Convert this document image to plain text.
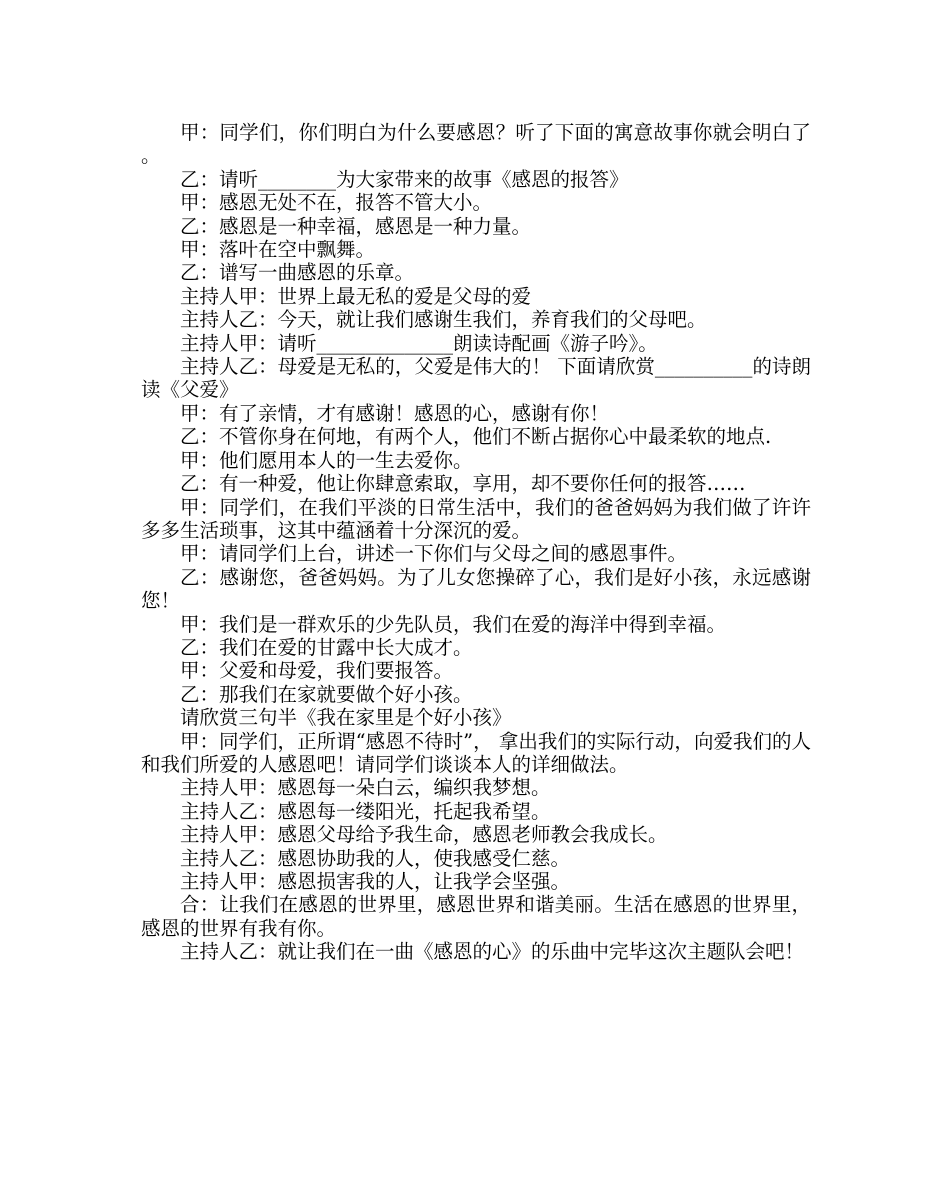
甲：同学们，你们明白为什么要感恩？听了下面的寓意故事你就会明白了。

乙：请听________为大家带来的故事《感恩的报答》

甲：感恩无处不在，报答不管大小。

乙：感恩是一种幸福，感恩是一种力量。

甲：落叶在空中飘舞。

乙：谱写一曲感恩的乐章。

主持人甲：世界上最无私的爱是父母的爱

主持人乙：今天，就让我们感谢生我们，养育我们的父母吧。

主持人甲：请听______________朗读诗配画《游子吟》。

主持人乙：母爱是无私的，父爱是伟大的！ 下面请欣赏__________的诗朗读《父爱》

甲：有了亲情，才有感谢！感恩的心，感谢有你！

乙：不管你身在何地，有两个人，他们不断占据你心中最柔软的地点.

甲：他们愿用本人的一生去爱你。

乙：有一种爱，他让你肆意索取，享用，却不要你任何的报答……

甲：同学们，在我们平淡的日常生活中，我们的爸爸妈妈为我们做了许许多多生活琐事，这其中蕴涵着十分深沉的爱。

甲：请同学们上台，讲述一下你们与父母之间的感恩事件。

乙：感谢您，爸爸妈妈。为了儿女您操碎了心，我们是好小孩，永远感谢您！

甲：我们是一群欢乐的少先队员，我们在爱的海洋中得到幸福。

乙：我们在爱的甘露中长大成才。

甲：父爱和母爱，我们要报答。

乙：那我们在家就要做个好小孩。

请欣赏三句半《我在家里是个好小孩》

甲：同学们，正所谓“感恩不待时”， 拿出我们的实际行动，向爱我们的人和我们所爱的人感恩吧！请同学们谈谈本人的详细做法。

主持人甲：感恩每一朵白云，编织我梦想。

主持人乙：感恩每一缕阳光，托起我希望。

主持人甲：感恩父母给予我生命，感恩老师教会我成长。

主持人乙：感恩协助我的人，使我感受仁慈。

主持人甲：感恩损害我的人，让我学会坚强。

合：让我们在感恩的世界里，感恩世界和谐美丽。生活在感恩的世界里，感恩的世界有我有你。

主持人乙：就让我们在一曲《感恩的心》的乐曲中完毕这次主题队会吧！
